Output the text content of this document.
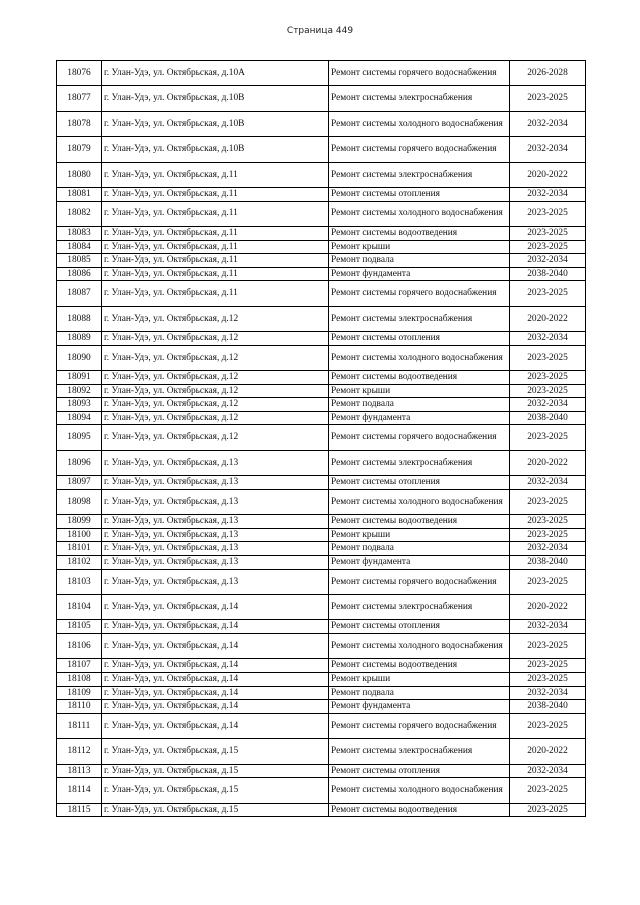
Страница 449
18076	г. Улан-Удэ, ул. Октябрьская, д.10А	Ремонт системы горячего водоснабжения	2026-2028
18077	г. Улан-Удэ, ул. Октябрьская, д.10В	Ремонт системы электроснабжения	2023-2025
18078	г. Улан-Удэ, ул. Октябрьская, д.10В	Ремонт системы холодного водоснабжения	2032-2034
18079	г. Улан-Удэ, ул. Октябрьская, д.10В	Ремонт системы горячего водоснабжения	2032-2034
18080	г. Улан-Удэ, ул. Октябрьская, д.11	Ремонт системы электроснабжения	2020-2022
18081	г. Улан-Удэ, ул. Октябрьская, д.11	Ремонт системы отопления	2032-2034
18082	г. Улан-Удэ, ул. Октябрьская, д.11	Ремонт системы холодного водоснабжения	2023-2025
18083	г. Улан-Удэ, ул. Октябрьская, д.11	Ремонт системы водоотведения	2023-2025
18084	г. Улан-Удэ, ул. Октябрьская, д.11	Ремонт крыши	2023-2025
18085	г. Улан-Удэ, ул. Октябрьская, д.11	Ремонт подвала	2032-2034
18086	г. Улан-Удэ, ул. Октябрьская, д.11	Ремонт фундамента	2038-2040
18087	г. Улан-Удэ, ул. Октябрьская, д.11	Ремонт системы горячего водоснабжения	2023-2025
18088	г. Улан-Удэ, ул. Октябрьская, д.12	Ремонт системы электроснабжения	2020-2022
18089	г. Улан-Удэ, ул. Октябрьская, д.12	Ремонт системы отопления	2032-2034
18090	г. Улан-Удэ, ул. Октябрьская, д.12	Ремонт системы холодного водоснабжения	2023-2025
18091	г. Улан-Удэ, ул. Октябрьская, д.12	Ремонт системы водоотведения	2023-2025
18092	г. Улан-Удэ, ул. Октябрьская, д.12	Ремонт крыши	2023-2025
18093	г. Улан-Удэ, ул. Октябрьская, д.12	Ремонт подвала	2032-2034
18094	г. Улан-Удэ, ул. Октябрьская, д.12	Ремонт фундамента	2038-2040
18095	г. Улан-Удэ, ул. Октябрьская, д.12	Ремонт системы горячего водоснабжения	2023-2025
18096	г. Улан-Удэ, ул. Октябрьская, д.13	Ремонт системы электроснабжения	2020-2022
18097	г. Улан-Удэ, ул. Октябрьская, д.13	Ремонт системы отопления	2032-2034
18098	г. Улан-Удэ, ул. Октябрьская, д.13	Ремонт системы холодного водоснабжения	2023-2025
18099	г. Улан-Удэ, ул. Октябрьская, д.13	Ремонт системы водоотведения	2023-2025
18100	г. Улан-Удэ, ул. Октябрьская, д.13	Ремонт крыши	2023-2025
18101	г. Улан-Удэ, ул. Октябрьская, д.13	Ремонт подвала	2032-2034
18102	г. Улан-Удэ, ул. Октябрьская, д.13	Ремонт фундамента	2038-2040
18103	г. Улан-Удэ, ул. Октябрьская, д.13	Ремонт системы горячего водоснабжения	2023-2025
18104	г. Улан-Удэ, ул. Октябрьская, д.14	Ремонт системы электроснабжения	2020-2022
18105	г. Улан-Удэ, ул. Октябрьская, д.14	Ремонт системы отопления	2032-2034
18106	г. Улан-Удэ, ул. Октябрьская, д.14	Ремонт системы холодного водоснабжения	2023-2025
18107	г. Улан-Удэ, ул. Октябрьская, д.14	Ремонт системы водоотведения	2023-2025
18108	г. Улан-Удэ, ул. Октябрьская, д.14	Ремонт крыши	2023-2025
18109	г. Улан-Удэ, ул. Октябрьская, д.14	Ремонт подвала	2032-2034
18110	г. Улан-Удэ, ул. Октябрьская, д.14	Ремонт фундамента	2038-2040
18111	г. Улан-Удэ, ул. Октябрьская, д.14	Ремонт системы горячего водоснабжения	2023-2025
18112	г. Улан-Удэ, ул. Октябрьская, д.15	Ремонт системы электроснабжения	2020-2022
18113	г. Улан-Удэ, ул. Октябрьская, д.15	Ремонт системы отопления	2032-2034
18114	г. Улан-Удэ, ул. Октябрьская, д.15	Ремонт системы холодного водоснабжения	2023-2025
18115	г. Улан-Удэ, ул. Октябрьская, д.15	Ремонт системы водоотведения	2023-2025
